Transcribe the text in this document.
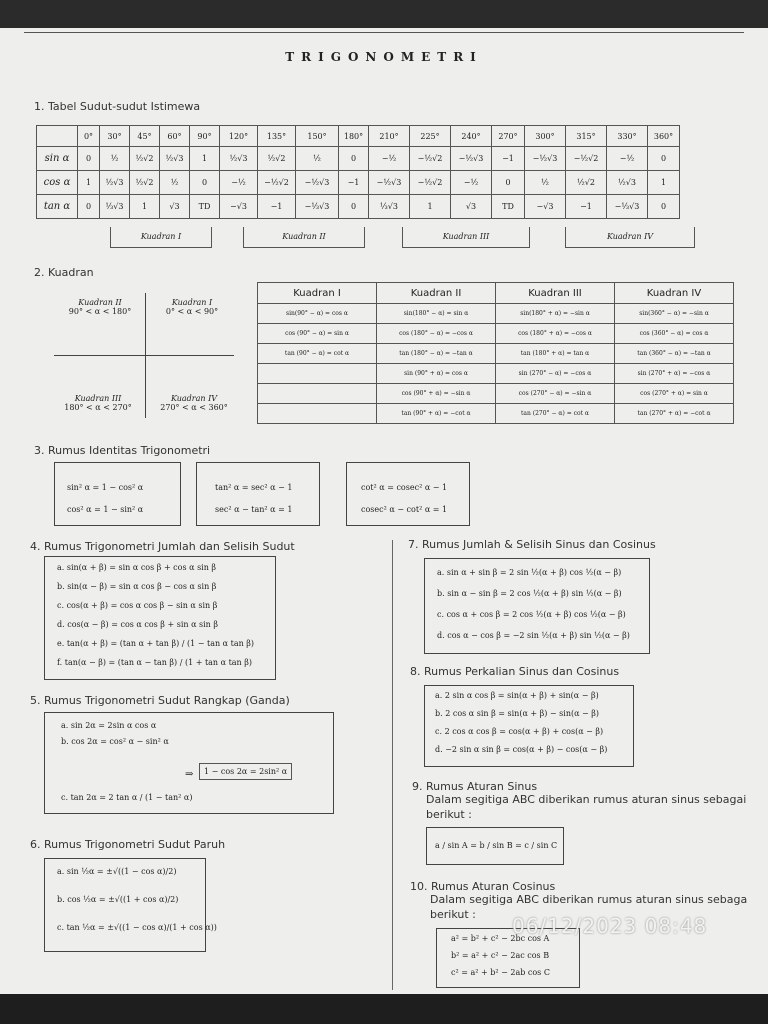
TRIGONOMETRI
1. Tabel Sudut-sudut Istimewa
	0°	30°	45°	60°	90°	120°	135°	150°	180°	210°	225°	240°	270°	300°	315°	330°	360°
sin α	0	½	½√2	½√3	1	½√3	½√2	½	0	−½	−½√2	−½√3	−1	−½√3	−½√2	−½	0
cos α	1	½√3	½√2	½	0	−½	−½√2	−½√3	−1	−½√3	−½√2	−½	0	½	½√2	½√3	1
tan α	0	⅓√3	1	√3	TD	−√3	−1	−⅓√3	0	⅓√3	1	√3	TD	−√3	−1	−⅓√3	0
Kuadran I	Kuadran II	Kuadran III	Kuadran IV
2. Kuadran
Kuadran II
90° < α < 180°
Kuadran I
0° < α < 90°
Kuadran III
180° < α < 270°
Kuadran IV
270° < α < 360°
Kuadran I	Kuadran II	Kuadran III	Kuadran IV
sin(90° − α) = cos α	sin(180° − α) = sin α	sin(180° + α) = −sin α	sin(360° − α) = −sin α
cos (90° − α) = sin α	cos (180° − α) = −cos α	cos (180° + α) = −cos α	cos (360° − α) = cos α
tan (90° − α) = cot α	tan (180° − α) = −tan α	tan (180° + α) = tan α	tan (360° − α) = −tan α
	sin (90° + α) = cos α	sin (270° − α) = −cos α	sin (270° + α) = −cos α
	cos (90° + α) = −sin α	cos (270° − α) = −sin α	cos (270° + α) = sin α
	tan (90° + α) = −cot α	tan (270° − α) = cot α	tan (270° + α) = −cot α
3. Rumus Identitas Trigonometri
sin² α = 1 − cos² α
cos² α = 1 − sin² α
tan² α = sec² α − 1
sec² α − tan² α = 1
cot² α = cosec² α − 1
cosec² α − cot² α = 1
4. Rumus Trigonometri Jumlah dan Selisih Sudut
a. sin(α + β) = sin α cos β + cos α sin β
b. sin(α − β) = sin α cos β − cos α sin β
c. cos(α + β) = cos α cos β − sin α sin β
d. cos(α − β) = cos α cos β + sin α sin β
e. tan(α + β) = (tan α + tan β) / (1 − tan α tan β)
f. tan(α − β) = (tan α − tan β) / (1 + tan α tan β)
5. Rumus Trigonometri Sudut Rangkap (Ganda)
a. sin 2α = 2sin α cos α
b. cos 2α = cos² α − sin² α
⇒	1 − cos 2α = 2sin² α
c. tan 2α = 2 tan α / (1 − tan² α)
6. Rumus Trigonometri Sudut Paruh
a. sin ½α = ±√((1 − cos α)/2)
b. cos ½α = ±√((1 + cos α)/2)
c. tan ½α = ±√((1 − cos α)/(1 + cos α))
7. Rumus Jumlah & Selisih Sinus dan Cosinus
a. sin α + sin β = 2 sin ½(α + β) cos ½(α − β)
b. sin α − sin β = 2 cos ½(α + β) sin ½(α − β)
c. cos α + cos β = 2 cos ½(α + β) cos ½(α − β)
d. cos α − cos β = −2 sin ½(α + β) sin ½(α − β)
8. Rumus Perkalian Sinus dan Cosinus
a. 2 sin α cos β = sin(α + β) + sin(α − β)
b. 2 cos α sin β = sin(α + β) − sin(α − β)
c. 2 cos α cos β = cos(α + β) + cos(α − β)
d. −2 sin α sin β = cos(α + β) − cos(α − β)
9. Rumus Aturan Sinus
Dalam segitiga ABC diberikan rumus aturan sinus sebagai
berikut :
a / sin A = b / sin B = c / sin C
10. Rumus Aturan Cosinus
Dalam segitiga ABC diberikan rumus aturan sinus sebaga
berikut :
a² = b² + c² − 2bc cos A
b² = a² + c² − 2ac cos B
c² = a² + b² − 2ab cos C
06/12/2023 08:48
